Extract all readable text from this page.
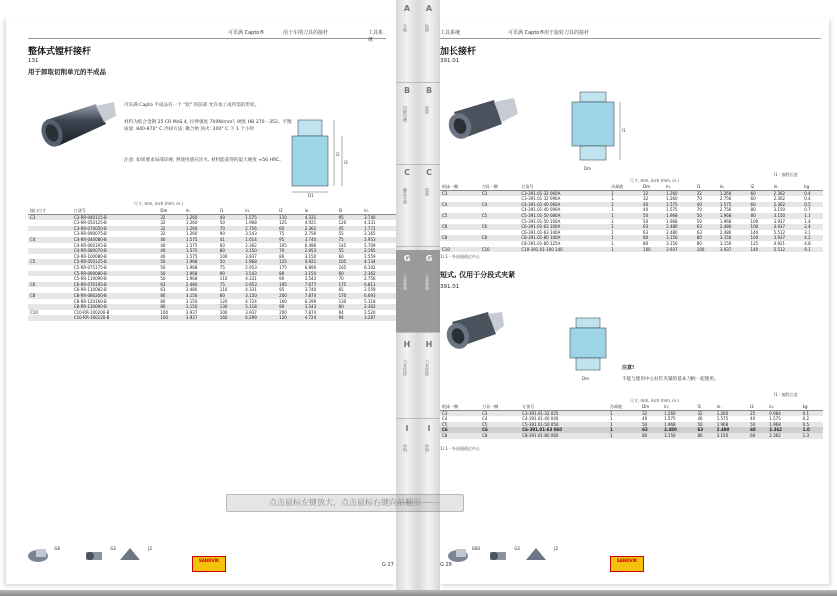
可乐满 Capto®	用于车削刀具的接杆	工具系统
整体式镗杆接杆
131
用于卸取切削单元的半成品
可乐满 Capto 半成品有一个 "软" 的前部 允许加工成所需的形状。
材料为低合金钢 25 CR MoS 4, 拉伸强度 700N/mm², 硬度 HB 270 - 352。平衡质量: 840-870° C 冷却方法: 聚合物 回火: 200° C 下 1 个小时
注意: 如果要求局部淬硬, 则使用感应淬火, 材料能获得的最大硬度 ≈56 HRC。
D1
l2
l3
尺寸, mm, inch (mm, in.)
接口尺寸	订货号	Dm	in.	l1	in.	l2	in.	l3	in.
C3	C3-RR-040115-B	32	1.260	40	1.575	110	4.331	95	3.740
	C3-RR-050125-B	32	1.260	50	1.968	125	4.921	120	4.331
	C3-RR-070050-B	32	1.260	70	2.756	60	2.362	45	1.772
	C3-RR-090075-B	32	1.260	90	3.543	75	2.756	55	2.165
C4	C4-RR-040080-B	40	1.575	41	1.614	95	3.740	75	2.953
	C4-RR-060165-B	40	1.575	60	2.362	165	6.496	145	5.709
	C4-RR-080070-B	40	1.575	80	3.150	70	2.953	55	2.165
	C4-RR-100080-B	40	1.575	100	3.937	80	3.150	60	2.559
C5	C5-RR-050125-B	50	1.968	50	1.968	125	4.921	105	4.134
	C5-RR-075175-B	50	1.968	75	2.953	175	6.890	165	6.102
	C5-RR-090080-B	50	1.968	90	3.543	80	3.150	60	2.362
	C5-RR-110090-B	50	1.968	110	4.331	90	3.543	70	2.756
C6	C6-RR-070195-B	63	2.480	75	2.953	195	7.677	175	6.811
	C6-RR-110082-B	63	2.480	110	4.331	95	3.740	65	2.559
C8	C8-RR-080200-B	80	3.150	80	3.150	200	7.874	170	6.693
	C8-RR-120160-B	80	3.150	120	4.724	160	6.299	130	5.118
	C8-RR-130090-B	80	3.150	130	5.118	90	3.543	60	2.362
C10	C10-RR-100200-B	100	3.937	100	3.937	200	7.874	64	2.520
	C10-RR-160120-B	100	3.937	160	6.299	120	4.724	94	3.287
G6	G2	J2
SANDVIK
G 27
A
车削
B
切断切槽
C
螺纹车削
G
工具系统
H
刀具选择
I
材料
A
钻削
B
镗削
C
铣削
G
工具系统
H
刀具选择
I
材料
工具系统	可乐满 Capto® 用于旋转刀具的接杆
加长接杆
391.01
l1
Dm
l1 - 编程长度
尺寸, mm, inch (mm, in.)
机床一侧	刀具一侧	订货号	冷却液	Dm	in.	l1	in.	l2	in.	kg
C3	C3	C3-391.01-32 060A	1	32	1.260	32	1.260	60	2.362	0.4
		C3-391.01-32 090A	1	32	1.260	70	2.756	60	2.362	0.4
C4	C4	C4-391.01-40 060A	1	40	1.575	40	1.575	60	2.362	0.5
		C4-391.01-40 090A	1	40	1.575	70	2.756	80	3.150	0.7
C5	C5	C5-391.01-50 080A	1	50	1.968	50	1.968	80	3.150	1.1
		C5-391.01-50 100A	1	50	1.968	50	1.968	100	3.937	1.4
C6	C6	C6-391.01-63 100A	1	63	2.480	63	2.480	100	3.937	2.4
		C6-391.01-63 140A	1	63	2.480	63	2.480	140	5.512	3.1
C8	C8	C8-391.01-80 100A	1	80	3.150	80	3.150	100	3.937	4.2
		C8-391.01-80 125A	1	80	3.150	80	3.150	125	4.921	4.8
C10	C10	C10-391.01-100 140	1	100	3.937	100	3.937	140	5.512	9.1
1) 1 - 外部通道过中心
短式, 仅用于分段式夹紧
391.01
Dm
注意!
不能与使用中心拉钉夹紧的基本刀柄一起使用。
l1 - 编程长度
尺寸, mm, inch (mm, in.)
机床一侧	刀具一侧	订货号	冷却液	Dm	in.	l1	in.	l2	in.	kg
C3	C3	C3-391.01-32 025	1	32	1.260	32	1.260	25	0.984	0.1
C4	C4	C4-391.01-40 040	1	40	1.575	40	1.575	40	1.575	0.2
C5	C5	C5-391.01-50 050	1	50	1.968	50	1.968	50	1.968	0.5
C6	C6	C6-391.01-63 060	1	63	2.480	63	2.480	60	2.362	1.0
C8	C8	C8-391.01-80 060	1	80	3.150	80	3.150	60	2.362	1.3
1) 1 - 外部通道过中心
G60	G2	J2
G 28
SANDVIK
点击鼠标左键放大，点击鼠标右键向前翻页
